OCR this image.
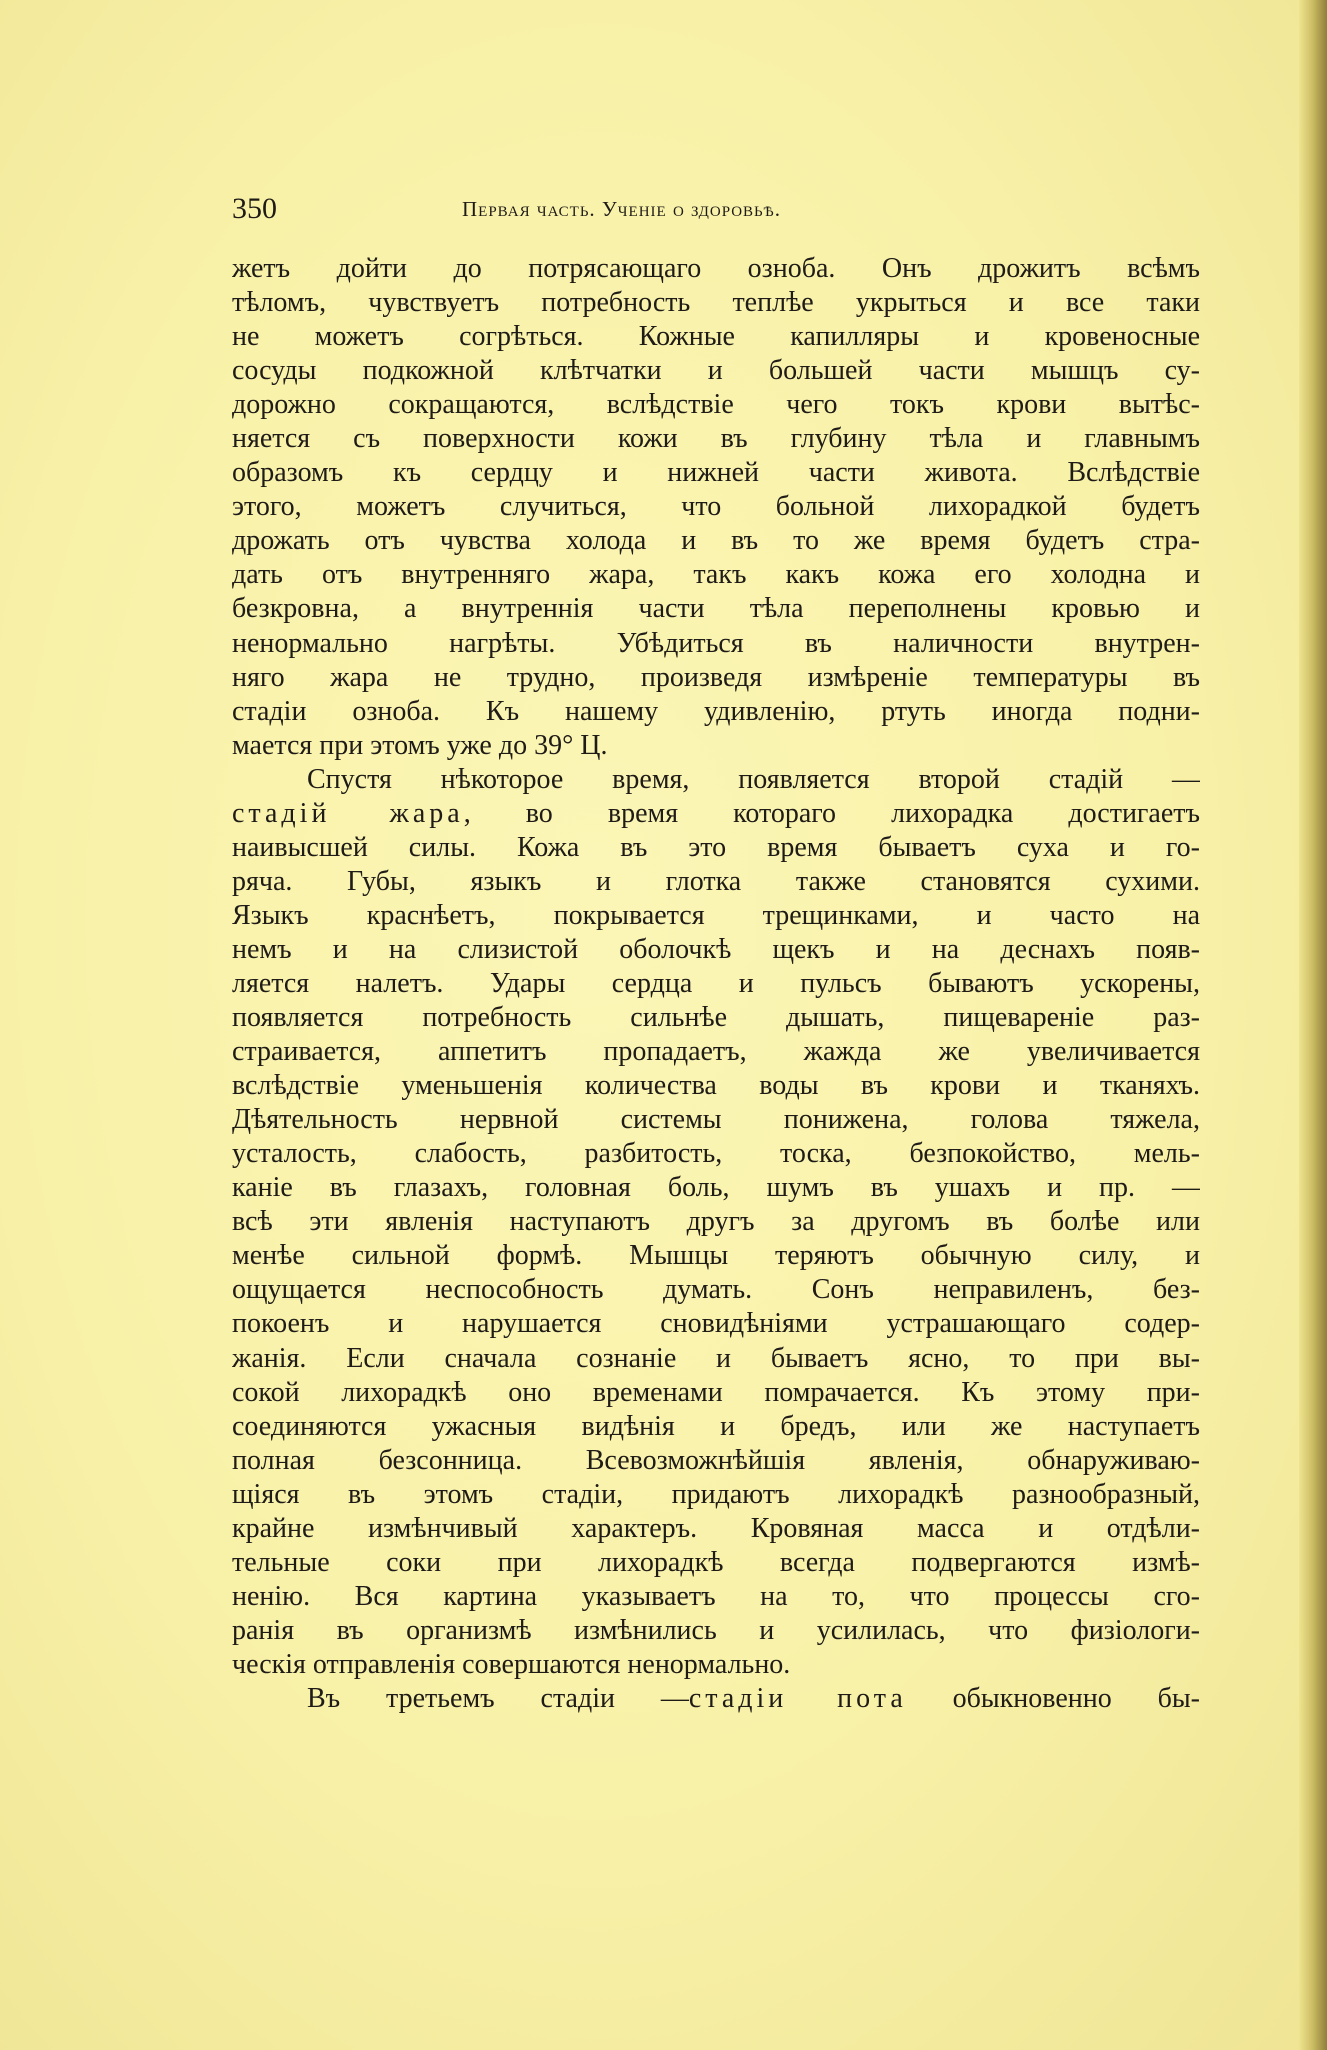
350	Первая часть. Ученіе о здоровьѣ.
жетъ дойти до потрясающаго озноба. Онъ дрожитъ всѣмъ
тѣломъ, чувствуетъ потребность теплѣе укрыться и все таки
не можетъ согрѣться. Кожные капилляры и кровеносные
сосуды подкожной клѣтчатки и большей части мышцъ су-
дорожно сокращаются, вслѣдствіе чего токъ крови вытѣс-
няется съ поверхности кожи въ глубину тѣла и главнымъ
образомъ къ сердцу и нижней части живота. Вслѣдствіе
этого, можетъ случиться, что больной лихорадкой будетъ
дрожать отъ чувства холода и въ то же время будетъ стра-
дать отъ внутренняго жара, такъ какъ кожа его холодна и
безкровна, а внутреннія части тѣла переполнены кровью и
ненормально нагрѣты. Убѣдиться въ наличности внутрен-
няго жара не трудно, произведя измѣреніе температуры въ
стадіи озноба. Къ нашему удивленію, ртуть иногда подни-
мается при этомъ уже до 39° Ц.
Спустя нѣкоторое время, появляется второй стадій —
стадій жара, во время котораго лихорадка достигаетъ
наивысшей силы. Кожа въ это время бываетъ суха и го-
ряча. Губы, языкъ и глотка также становятся сухими.
Языкъ краснѣетъ, покрывается трещинками, и часто на
немъ и на слизистой оболочкѣ щекъ и на деснахъ появ-
ляется налетъ. Удары сердца и пульсъ бываютъ ускорены,
появляется потребность сильнѣе дышать, пищевареніе раз-
страивается, аппетитъ пропадаетъ, жажда же увеличивается
вслѣдствіе уменьшенія количества воды въ крови и тканяхъ.
Дѣятельность нервной системы понижена, голова тяжела,
усталость, слабость, разбитость, тоска, безпокойство, мель-
каніе въ глазахъ, головная боль, шумъ въ ушахъ и пр. —
всѣ эти явленія наступаютъ другъ за другомъ въ болѣе или
менѣе сильной формѣ. Мышцы теряютъ обычную силу, и
ощущается неспособность думать. Сонъ неправиленъ, без-
покоенъ и нарушается сновидѣніями устрашающаго содер-
жанія. Если сначала сознаніе и бываетъ ясно, то при вы-
сокой лихорадкѣ оно временами помрачается. Къ этому при-
соединяются ужасныя видѣнія и бредъ, или же наступаетъ
полная безсонница. Всевозможнѣйшія явленія, обнаруживаю-
щіяся въ этомъ стадіи, придаютъ лихорадкѣ разнообразный,
крайне измѣнчивый характеръ. Кровяная масса и отдѣли-
тельные соки при лихорадкѣ всегда подвергаются измѣ-
ненію. Вся картина указываетъ на то, что процессы сго-
ранія въ организмѣ измѣнились и усилилась, что физіологи-
ческія отправленія совершаются ненормально.
Въ третьемъ стадіи —стадіи пота обыкновенно бы-
